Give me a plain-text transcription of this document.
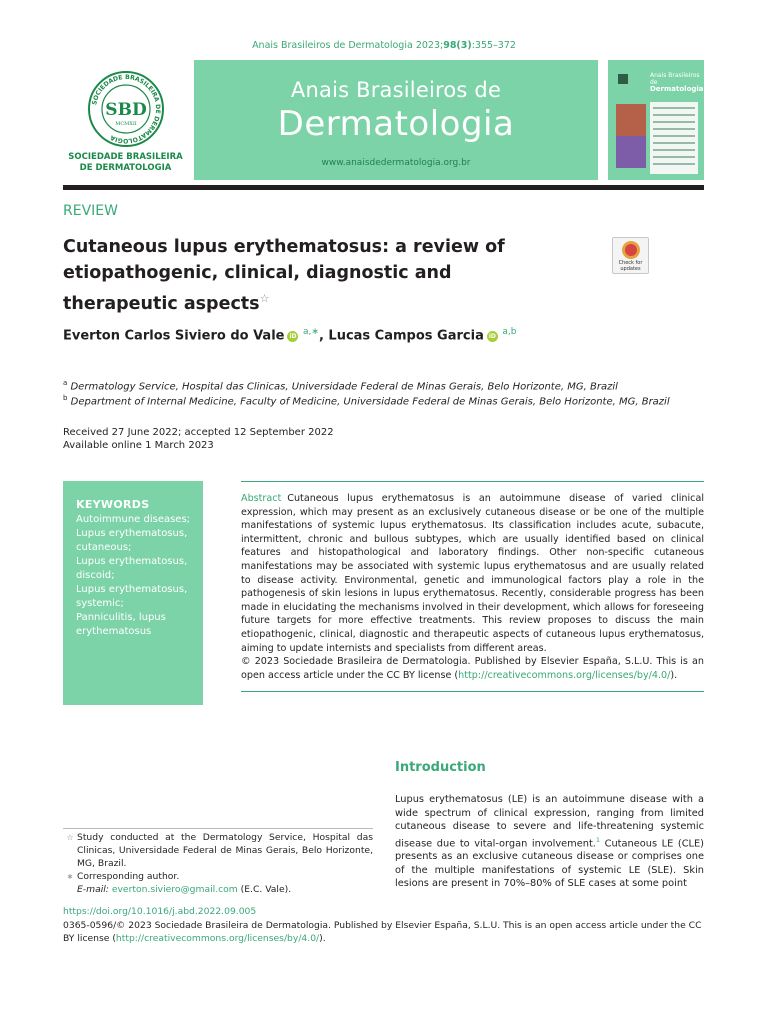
Anais Brasileiros de Dermatologia 2023;98(3):355–372
SOCIEDADE BRASILEIRA DE DERMATOLOGIA
SBD
MCMXII
SOCIEDADE BRASILEIRA
DE DERMATOLOGIA
Anais Brasileiros de
Dermatologia
www.anaisdedermatologia.org.br
Anais Brasileiros de
Dermatologia
REVIEW
Cutaneous lupus erythematosus: a review of etiopathogenic, clinical, diagnostic and therapeutic aspects☆
Check for updates
Everton Carlos Siviero do Vale iD $^{a,∗}$, Lucas Campos Garcia iD $^{a,b}$
$^a$ Dermatology Service, Hospital das Clinicas, Universidade Federal de Minas Gerais, Belo Horizonte, MG, Brazil
$^b$ Department of Internal Medicine, Faculty of Medicine, Universidade Federal de Minas Gerais, Belo Horizonte, MG, Brazil
Received 27 June 2022; accepted 12 September 2022
Available online 1 March 2023
KEYWORDS
Autoimmune diseases;
Lupus erythematosus, cutaneous;
Lupus erythematosus, discoid;
Lupus erythematosus, systemic;
Panniculitis, lupus erythematosus
Abstract Cutaneous lupus erythematosus is an autoimmune disease of varied clinical expression, which may present as an exclusively cutaneous disease or be one of the multiple manifestations of systemic lupus erythematosus. Its classification includes acute, subacute, intermittent, chronic and bullous subtypes, which are usually identified based on clinical features and histopathological and laboratory findings. Other non-specific cutaneous manifestations may be associated with systemic lupus erythematosus and are usually related to disease activity. Environmental, genetic and immunological factors play a role in the pathogenesis of skin lesions in lupus erythematosus. Recently, considerable progress has been made in elucidating the mechanisms involved in their development, which allows for foreseeing future targets for more effective treatments. This review proposes to discuss the main etiopathogenic, clinical, diagnostic and therapeutic aspects of cutaneous lupus erythematosus, aiming to update internists and specialists from different areas.
© 2023 Sociedade Brasileira de Dermatologia. Published by Elsevier España, S.L.U. This is an open access article under the CC BY license (http://creativecommons.org/licenses/by/4.0/).
Introduction
Lupus erythematosus (LE) is an autoimmune disease with a wide spectrum of clinical expression, ranging from limited cutaneous disease to severe and life-threatening systemic disease due to vital-organ involvement.$^1$ Cutaneous LE (CLE) presents as an exclusive cutaneous disease or comprises one of the multiple manifestations of systemic LE (SLE). Skin lesions are present in 70%–80% of SLE cases at some point
☆ Study conducted at the Dermatology Service, Hospital das Clinicas, Universidade Federal de Minas Gerais, Belo Horizonte, MG, Brazil.
∗ Corresponding author.
E-mail: everton.siviero@gmail.com (E.C. Vale).
https://doi.org/10.1016/j.abd.2022.09.005
0365-0596/© 2023 Sociedade Brasileira de Dermatologia. Published by Elsevier España, S.L.U. This is an open access article under the CC BY license (http://creativecommons.org/licenses/by/4.0/).
